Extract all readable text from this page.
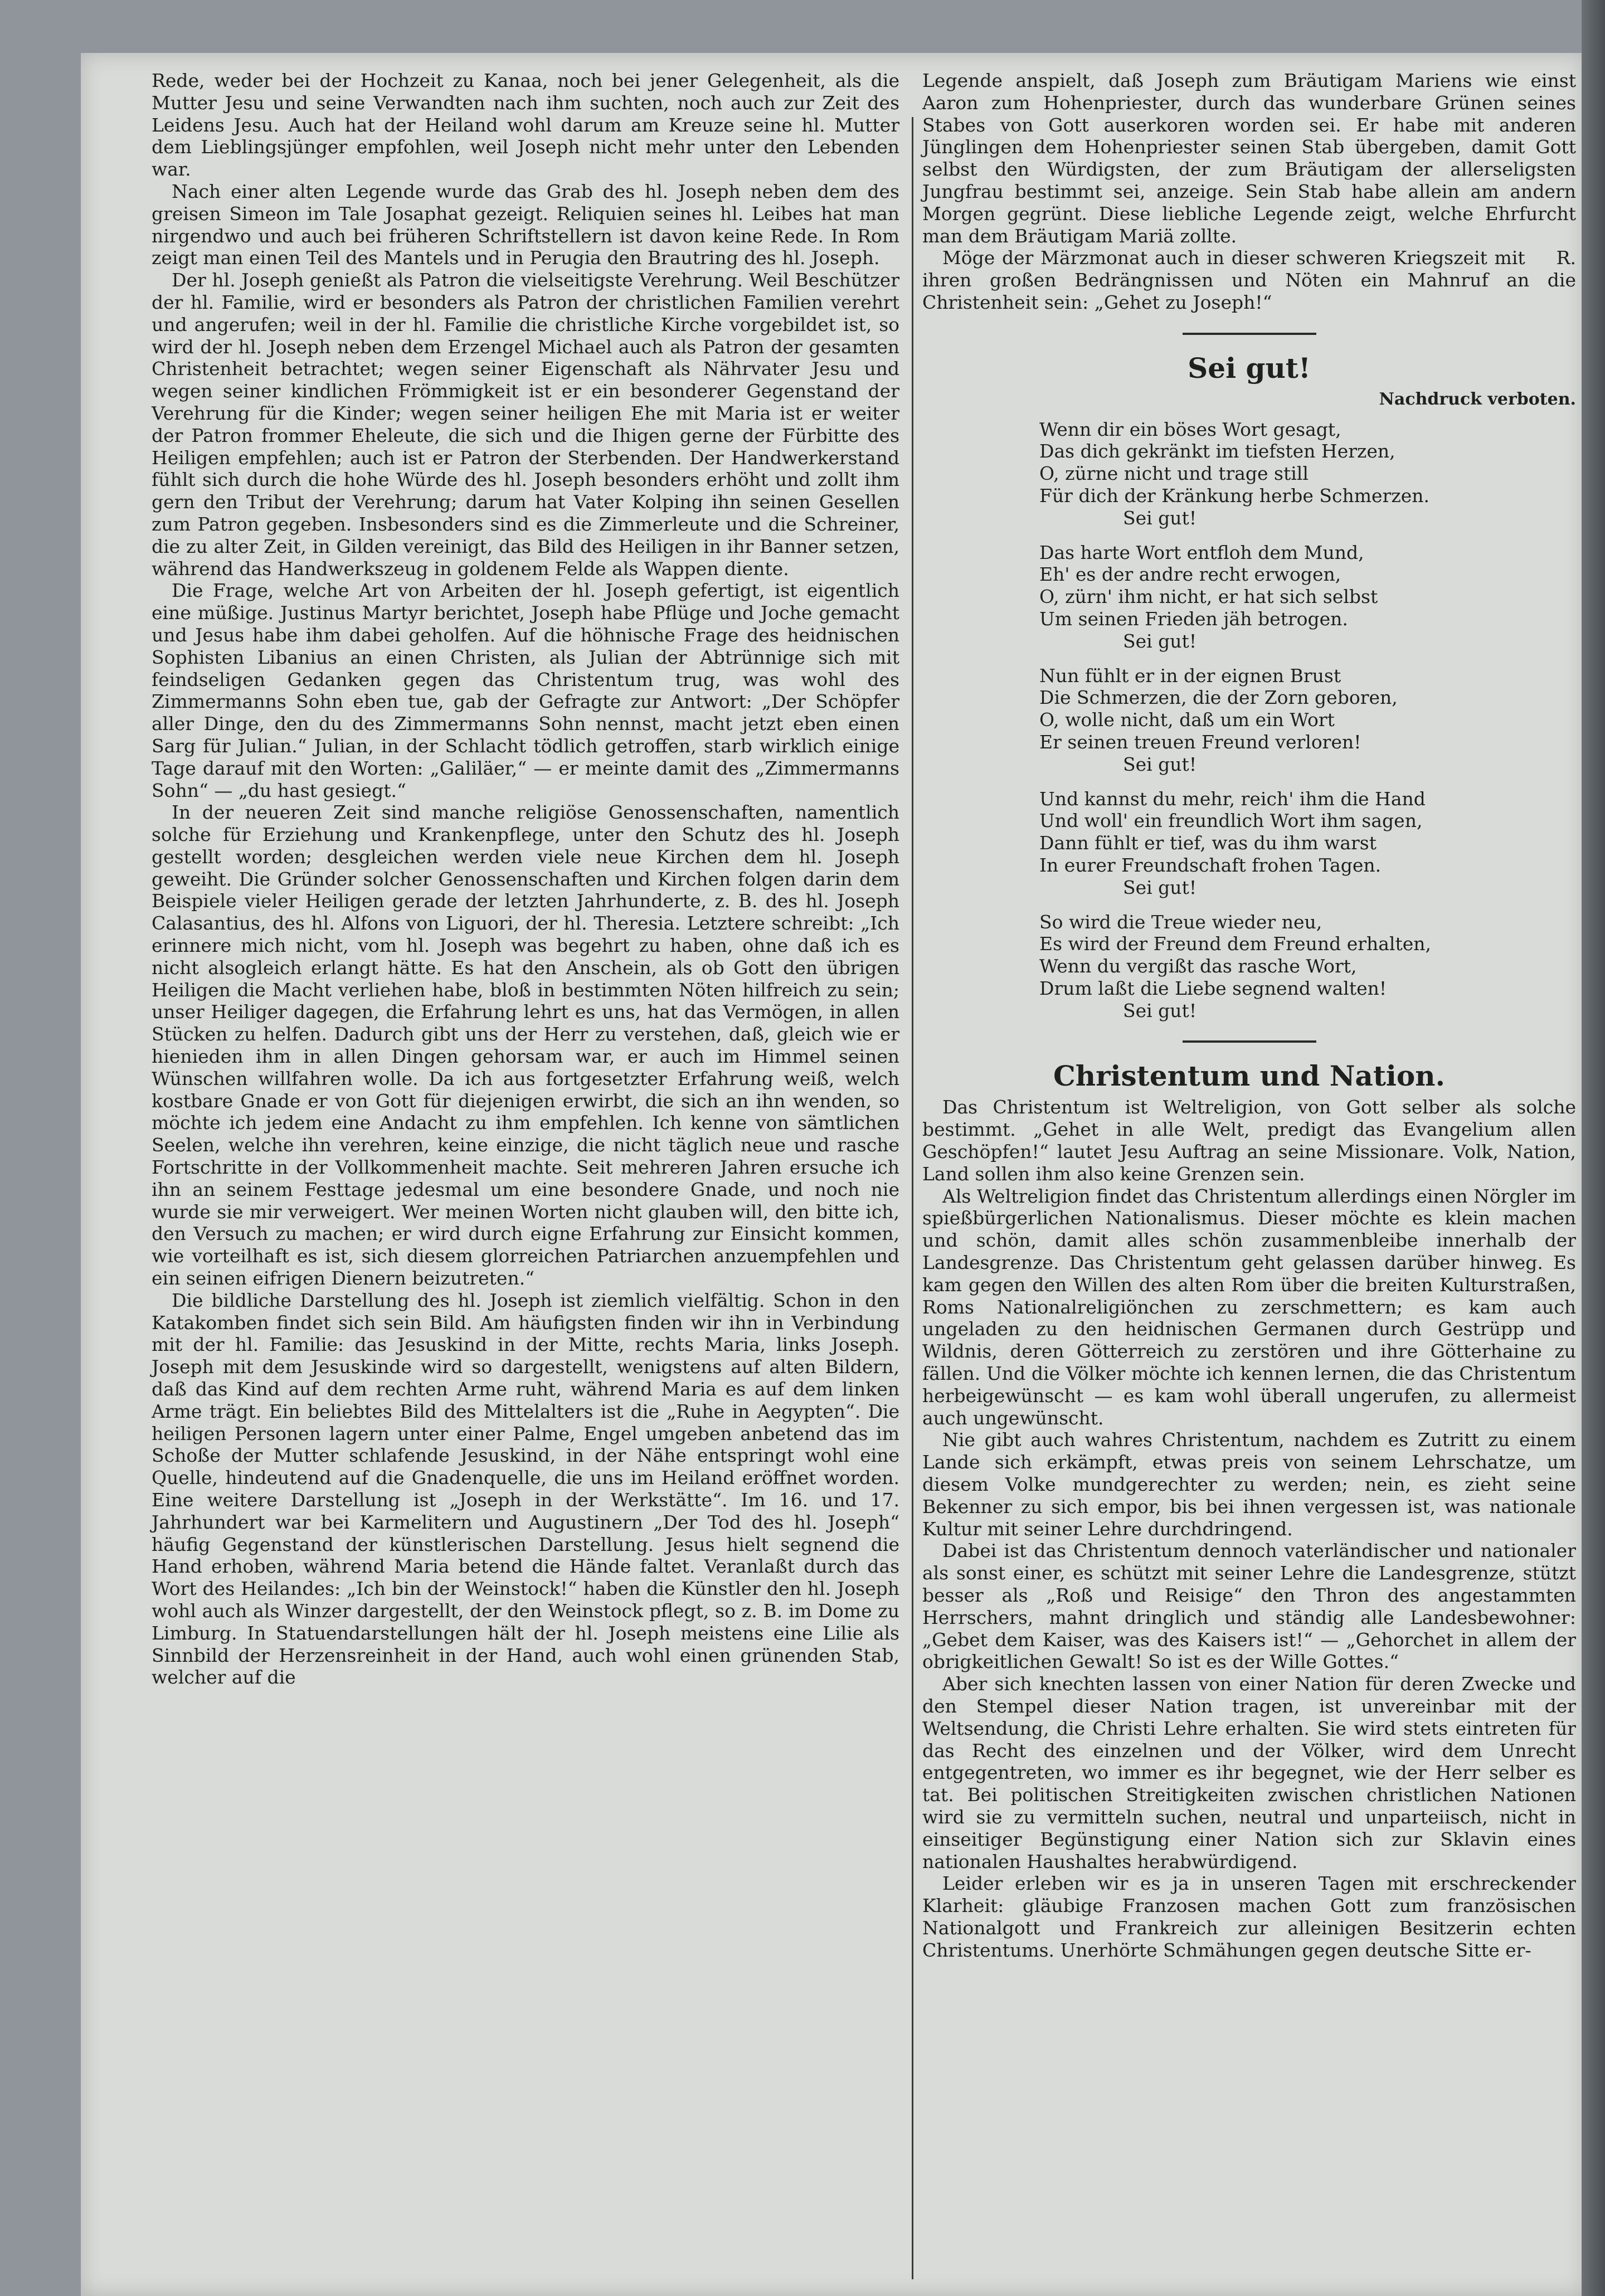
Rede, weder bei der Hochzeit zu Kanaa, noch bei jener Gelegenheit, als die Mutter Jesu und seine Verwandten nach ihm suchten, noch auch zur Zeit des Leidens Jesu. Auch hat der Heiland wohl darum am Kreuze seine hl. Mutter dem Lieblingsjünger empfohlen, weil Joseph nicht mehr unter den Lebenden war.

Nach einer alten Legende wurde das Grab des hl. Joseph neben dem des greisen Simeon im Tale Josaphat gezeigt. Reliquien seines hl. Leibes hat man nirgendwo und auch bei früheren Schriftstellern ist davon keine Rede. In Rom zeigt man einen Teil des Mantels und in Perugia den Brautring des hl. Joseph.

Der hl. Joseph genießt als Patron die vielseitigste Verehrung. Weil Beschützer der hl. Familie, wird er besonders als Patron der christlichen Familien verehrt und angerufen; weil in der hl. Familie die christliche Kirche vorgebildet ist, so wird der hl. Joseph neben dem Erzengel Michael auch als Patron der gesamten Christenheit betrachtet; wegen seiner Eigenschaft als Nährvater Jesu und wegen seiner kindlichen Frömmigkeit ist er ein besonderer Gegenstand der Verehrung für die Kinder; wegen seiner heiligen Ehe mit Maria ist er weiter der Patron frommer Eheleute, die sich und die Ihigen gerne der Fürbitte des Heiligen empfehlen; auch ist er Patron der Sterbenden. Der Handwerkerstand fühlt sich durch die hohe Würde des hl. Joseph besonders erhöht und zollt ihm gern den Tribut der Verehrung; darum hat Vater Kolping ihn seinen Gesellen zum Patron gegeben. Insbesonders sind es die Zimmerleute und die Schreiner, die zu alter Zeit, in Gilden vereinigt, das Bild des Heiligen in ihr Banner setzen, während das Handwerkszeug in goldenem Felde als Wappen diente.

Die Frage, welche Art von Arbeiten der hl. Joseph gefertigt, ist eigentlich eine müßige. Justinus Martyr berichtet, Joseph habe Pflüge und Joche gemacht und Jesus habe ihm dabei geholfen. Auf die höhnische Frage des heidnischen Sophisten Libanius an einen Christen, als Julian der Abtrünnige sich mit feindseligen Gedanken gegen das Christentum trug, was wohl des Zimmermanns Sohn eben tue, gab der Gefragte zur Antwort: „Der Schöpfer aller Dinge, den du des Zimmermanns Sohn nennst, macht jetzt eben einen Sarg für Julian.“ Julian, in der Schlacht tödlich getroffen, starb wirklich einige Tage darauf mit den Worten: „Galiläer,“ — er meinte damit des „Zimmermanns Sohn“ — „du hast gesiegt.“

In der neueren Zeit sind manche religiöse Genossenschaften, namentlich solche für Erziehung und Krankenpflege, unter den Schutz des hl. Joseph gestellt worden; desgleichen werden viele neue Kirchen dem hl. Joseph geweiht. Die Gründer solcher Genossenschaften und Kirchen folgen darin dem Beispiele vieler Heiligen gerade der letzten Jahrhunderte, z. B. des hl. Joseph Calasantius, des hl. Alfons von Liguori, der hl. Theresia. Letztere schreibt: „Ich erinnere mich nicht, vom hl. Joseph was begehrt zu haben, ohne daß ich es nicht alsogleich erlangt hätte. Es hat den Anschein, als ob Gott den übrigen Heiligen die Macht verliehen habe, bloß in bestimmten Nöten hilfreich zu sein; unser Heiliger dagegen, die Erfahrung lehrt es uns, hat das Vermögen, in allen Stücken zu helfen. Dadurch gibt uns der Herr zu verstehen, daß, gleich wie er hienieden ihm in allen Dingen gehorsam war, er auch im Himmel seinen Wünschen willfahren wolle. Da ich aus fortgesetzter Erfahrung weiß, welch kostbare Gnade er von Gott für diejenigen erwirbt, die sich an ihn wenden, so möchte ich jedem eine Andacht zu ihm empfehlen. Ich kenne von sämtlichen Seelen, welche ihn verehren, keine einzige, die nicht täglich neue und rasche Fortschritte in der Vollkommenheit machte. Seit mehreren Jahren ersuche ich ihn an seinem Festtage jedesmal um eine besondere Gnade, und noch nie wurde sie mir verweigert. Wer meinen Worten nicht glauben will, den bitte ich, den Versuch zu machen; er wird durch eigne Erfahrung zur Einsicht kommen, wie vorteilhaft es ist, sich diesem glorreichen Patriarchen anzuempfehlen und ein seinen eifrigen Dienern beizutreten.“

Die bildliche Darstellung des hl. Joseph ist ziemlich vielfältig. Schon in den Katakomben findet sich sein Bild. Am häufigsten finden wir ihn in Verbindung mit der hl. Familie: das Jesuskind in der Mitte, rechts Maria, links Joseph. Joseph mit dem Jesuskinde wird so dargestellt, wenigstens auf alten Bildern, daß das Kind auf dem rechten Arme ruht, während Maria es auf dem linken Arme trägt. Ein beliebtes Bild des Mittelalters ist die „Ruhe in Aegypten“. Die heiligen Personen lagern unter einer Palme, Engel umgeben anbetend das im Schoße der Mutter schlafende Jesuskind, in der Nähe entspringt wohl eine Quelle, hindeutend auf die Gnadenquelle, die uns im Heiland eröffnet worden. Eine weitere Darstellung ist „Joseph in der Werkstätte“. Im 16. und 17. Jahrhundert war bei Karmelitern und Augustinern „Der Tod des hl. Joseph“ häufig Gegenstand der künstlerischen Darstellung. Jesus hielt segnend die Hand erhoben, während Maria betend die Hände faltet. Veranlaßt durch das Wort des Heilandes: „Ich bin der Weinstock!“ haben die Künstler den hl. Joseph wohl auch als Winzer dargestellt, der den Weinstock pflegt, so z. B. im Dome zu Limburg. In Statuendarstellungen hält der hl. Joseph meistens eine Lilie als Sinnbild der Herzensreinheit in der Hand, auch wohl einen grünenden Stab, welcher auf die

Legende anspielt, daß Joseph zum Bräutigam Mariens wie einst Aaron zum Hohenpriester, durch das wunderbare Grünen seines Stabes von Gott auserkoren worden sei. Er habe mit anderen Jünglingen dem Hohenpriester seinen Stab übergeben, damit Gott selbst den Würdigsten, der zum Bräutigam der allerseligsten Jungfrau bestimmt sei, anzeige. Sein Stab habe allein am andern Morgen gegrünt. Diese liebliche Legende zeigt, welche Ehrfurcht man dem Bräutigam Mariä zollte.

R.
Möge der Märzmonat auch in dieser schweren Kriegszeit mit ihren großen Bedrängnissen und Nöten ein Mahnruf an die Christenheit sein: „Gehet zu Joseph!“

Sei gut!
Nachdruck verboten.
Wenn dir ein böses Wort gesagt,
Das dich gekränkt im tiefsten Herzen,
O, zürne nicht und trage still
Für dich der Kränkung herbe Schmerzen.
Sei gut!
Das harte Wort entfloh dem Mund,
Eh' es der andre recht erwogen,
O, zürn' ihm nicht, er hat sich selbst
Um seinen Frieden jäh betrogen.
Sei gut!
Nun fühlt er in der eignen Brust
Die Schmerzen, die der Zorn geboren,
O, wolle nicht, daß um ein Wort
Er seinen treuen Freund verloren!
Sei gut!
Und kannst du mehr, reich' ihm die Hand
Und woll' ein freundlich Wort ihm sagen,
Dann fühlt er tief, was du ihm warst
In eurer Freundschaft frohen Tagen.
Sei gut!
So wird die Treue wieder neu,
Es wird der Freund dem Freund erhalten,
Wenn du vergißt das rasche Wort,
Drum laßt die Liebe segnend walten!
Sei gut!
Christentum und Nation.

Das Christentum ist Weltreligion, von Gott selber als solche bestimmt. „Gehet in alle Welt, predigt das Evangelium allen Geschöpfen!“ lautet Jesu Auftrag an seine Missionare. Volk, Nation, Land sollen ihm also keine Grenzen sein.

Als Weltreligion findet das Christentum allerdings einen Nörgler im spießbürgerlichen Nationalismus. Dieser möchte es klein machen und schön, damit alles schön zusammenbleibe innerhalb der Landesgrenze. Das Christentum geht gelassen darüber hinweg. Es kam gegen den Willen des alten Rom über die breiten Kulturstraßen, Roms Nationalreligiönchen zu zerschmettern; es kam auch ungeladen zu den heidnischen Germanen durch Gestrüpp und Wildnis, deren Götterreich zu zerstören und ihre Götterhaine zu fällen. Und die Völker möchte ich kennen lernen, die das Christentum herbeigewünscht — es kam wohl überall ungerufen, zu allermeist auch ungewünscht.

Nie gibt auch wahres Christentum, nachdem es Zutritt zu einem Lande sich erkämpft, etwas preis von seinem Lehrschatze, um diesem Volke mundgerechter zu werden; nein, es zieht seine Bekenner zu sich empor, bis bei ihnen vergessen ist, was nationale Kultur mit seiner Lehre durchdringend.

Dabei ist das Christentum dennoch vaterländischer und nationaler als sonst einer, es schützt mit seiner Lehre die Landesgrenze, stützt besser als „Roß und Reisige“ den Thron des angestammten Herrschers, mahnt dringlich und ständig alle Landesbewohner: „Gebet dem Kaiser, was des Kaisers ist!“ — „Gehorchet in allem der obrigkeitlichen Gewalt! So ist es der Wille Gottes.“

Aber sich knechten lassen von einer Nation für deren Zwecke und den Stempel dieser Nation tragen, ist unvereinbar mit der Weltsendung, die Christi Lehre erhalten. Sie wird stets eintreten für das Recht des einzelnen und der Völker, wird dem Unrecht entgegentreten, wo immer es ihr begegnet, wie der Herr selber es tat. Bei politischen Streitigkeiten zwischen christlichen Nationen wird sie zu vermitteln suchen, neutral und unparteiisch, nicht in einseitiger Begünstigung einer Nation sich zur Sklavin eines nationalen Haushaltes herabwürdigend.

Leider erleben wir es ja in unseren Tagen mit erschreckender Klarheit: gläubige Franzosen machen Gott zum französischen Nationalgott und Frankreich zur alleinigen Besitzerin echten Christentums. Unerhörte Schmähungen gegen deutsche Sitte er-
